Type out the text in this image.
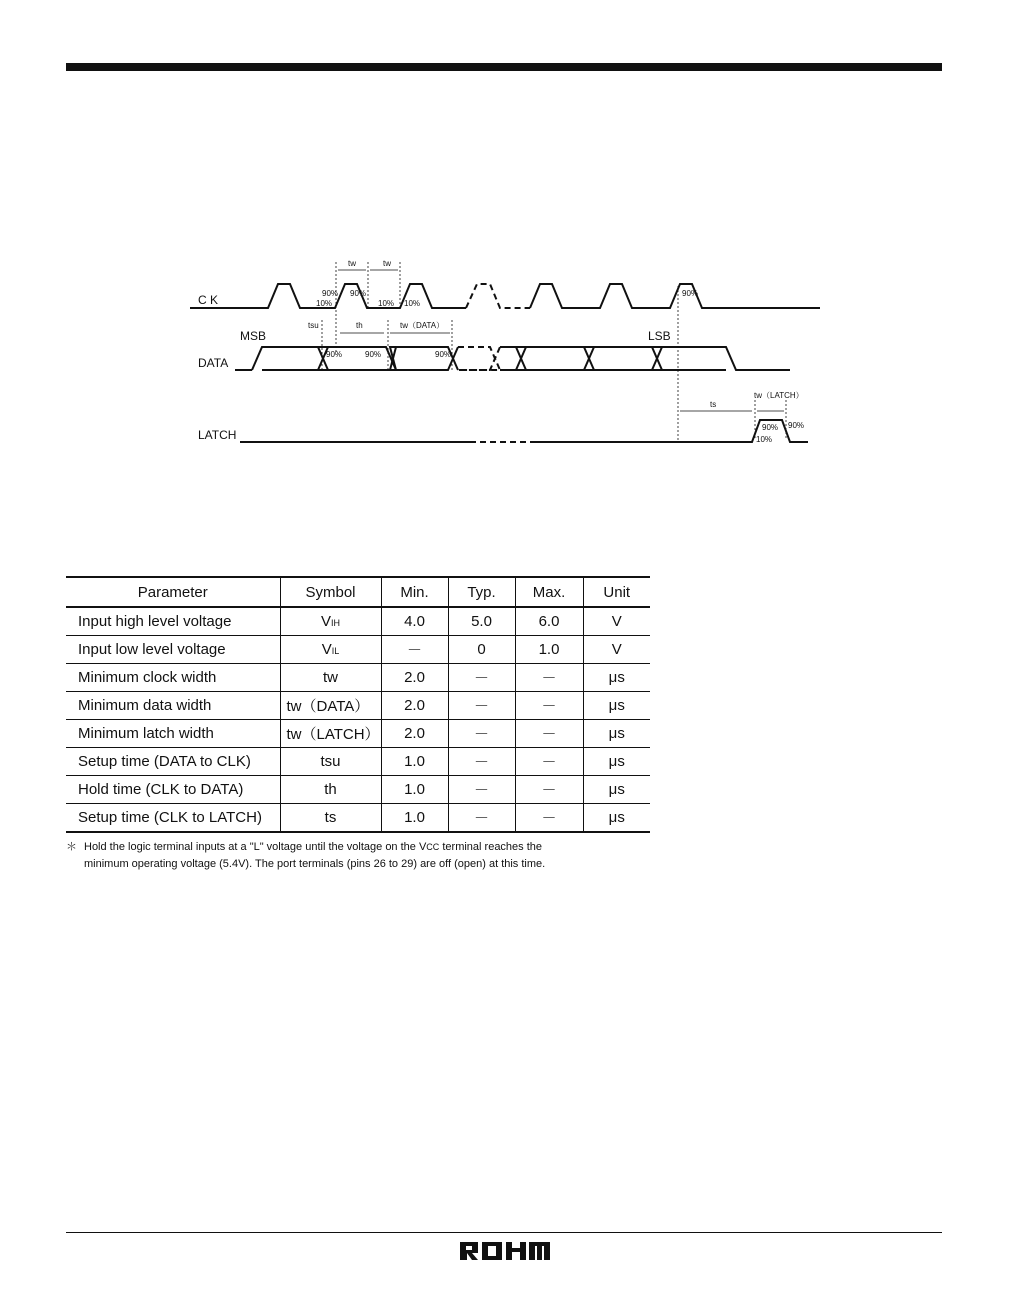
C K
MSB
DATA
LATCH
LSB
tw	tw
tsu	th	tw（DATA）
ts
tw（LATCH）
90%
10%
90%
10% 10%
90%
90%	90%	90%
90%
10%
90%
Parameter	Symbol	Min.	Typ.	Max.	Unit
Input high level voltage	VIH	4.0	5.0	6.0	V
Input low level voltage	VIL	－	0	1.0	V
Minimum clock width	tw	2.0	－	－	μs
Minimum data width	tw（DATA）	2.0	－	－	μs
Minimum latch width	tw（LATCH）	2.0	－	－	μs
Setup time (DATA to CLK)	tsu	1.0	－	－	μs
Hold time (CLK to DATA)	th	1.0	－	－	μs
Setup time (CLK to LATCH)	ts	1.0	－	－	μs
＊ Hold the logic terminal inputs at a "L" voltage until the voltage on the VCC terminal reaches the
minimum operating voltage (5.4V). The port terminals (pins 26 to 29) are off (open) at this time.
